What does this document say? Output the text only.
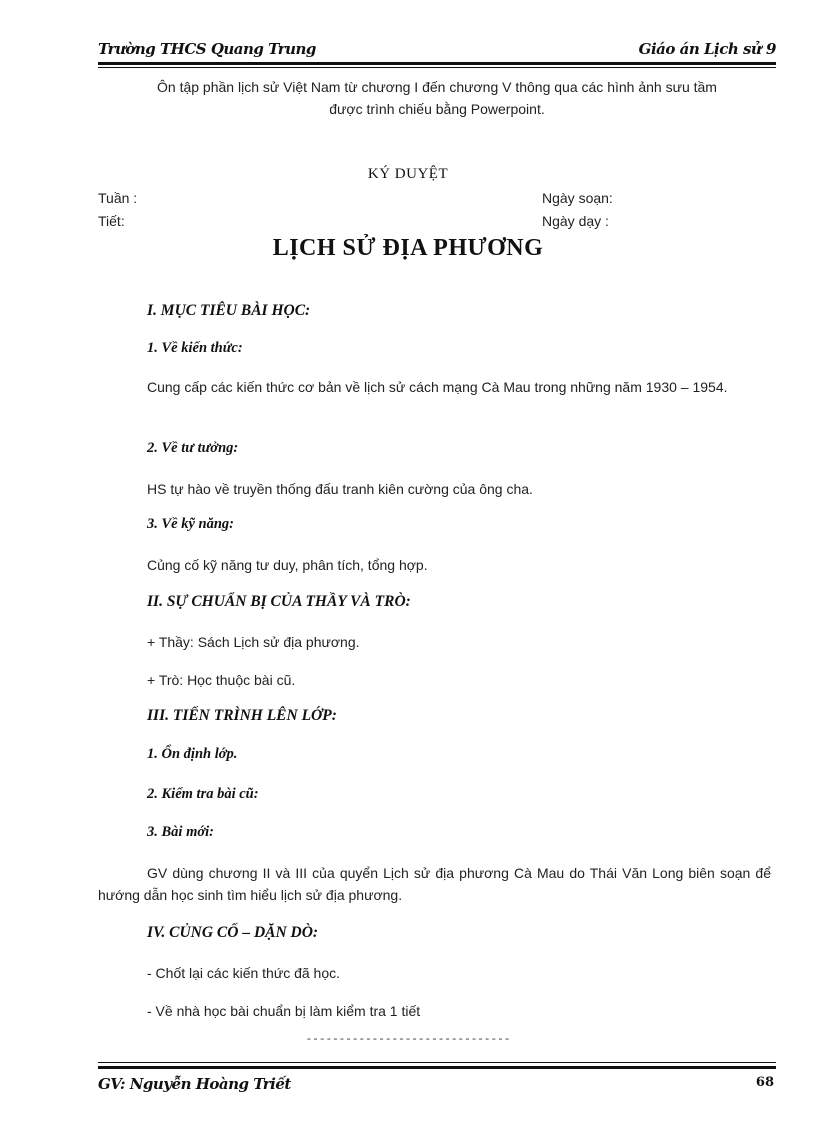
Trường THCS Quang Trung	Giáo án Lịch sử 9
Ôn tập phần lịch sử Việt Nam từ chương I đến chương V thông qua các hình ảnh sưu tầm
được trình chiếu bằng Powerpoint.
KÝ DUYỆT
Tuần :
Tiết:
Ngày soạn:
Ngày dạy :
LỊCH SỬ ĐỊA PHƯƠNG
I. MỤC TIÊU BÀI HỌC:
1. Về kiến thức:
Cung cấp các kiến thức cơ bản về lịch sử cách mạng Cà Mau trong những năm 1930 – 1954.
2. Về tư tưởng:
HS tự hào về truyền thống đấu tranh kiên cường của ông cha.
3. Về kỹ năng:
Củng cố kỹ năng tư duy, phân tích, tổng hợp.
II. SỰ CHUẨN BỊ CỦA THẦY VÀ TRÒ:
+ Thầy: Sách Lịch sử địa phương.
+ Trò: Học thuộc bài cũ.
III. TIẾN TRÌNH LÊN LỚP:
1. Ổn định lớp.
2. Kiểm tra bài cũ:
3. Bài mới:
GV dùng chương II và III của quyển Lịch sử địa phương Cà Mau do Thái Văn Long biên soạn để hướng dẫn học sinh tìm hiểu lịch sử địa phương.
IV. CỦNG CỐ – DẶN DÒ:
- Chốt lại các kiến thức đã học.
- Về nhà học bài chuẩn bị làm kiểm tra 1 tiết
-------------------------------
GV: Nguyễn Hoàng Triết	68
